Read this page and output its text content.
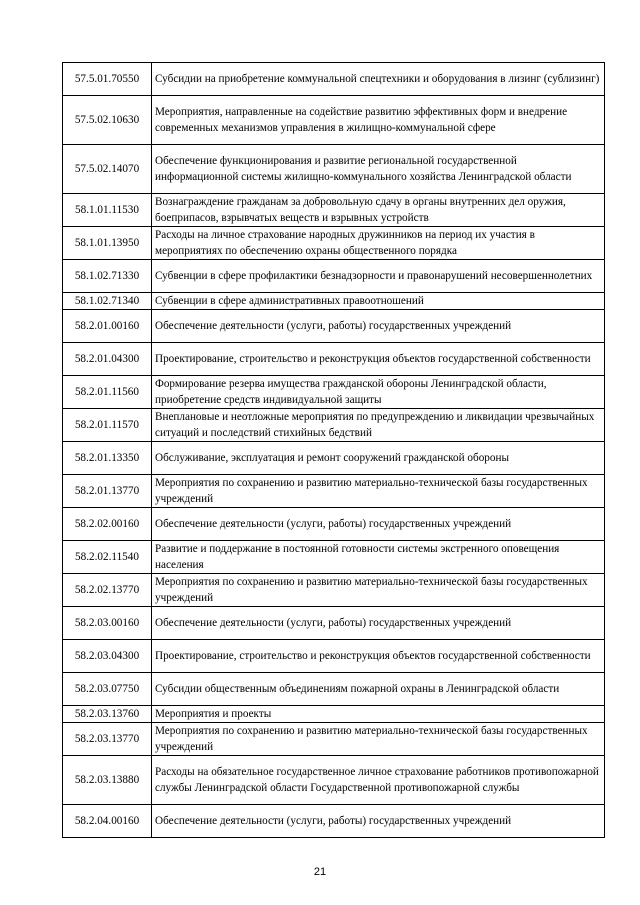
57.5.01.70550	Субсидии на приобретение коммунальной спецтехники и оборудования в лизинг (сублизинг)
57.5.02.10630	Мероприятия, направленные на содействие развитию эффективных форм и внедрение современных механизмов управления в жилищно-коммунальной сфере
57.5.02.14070	Обеспечение функционирования и развитие региональной государственной информационной системы жилищно-коммунального хозяйства Ленинградской области
58.1.01.11530	Вознаграждение гражданам за добровольную сдачу в органы внутренних дел оружия, боеприпасов, взрывчатых веществ и взрывных устройств
58.1.01.13950	Расходы на личное страхование народных дружинников на период их участия в мероприятиях по обеспечению охраны общественного порядка
58.1.02.71330	Субвенции в сфере профилактики безнадзорности и правонарушений несовершеннолетних
58.1.02.71340	Субвенции в сфере административных правоотношений
58.2.01.00160	Обеспечение деятельности (услуги, работы) государственных учреждений
58.2.01.04300	Проектирование, строительство и реконструкция объектов государственной собственности
58.2.01.11560	Формирование резерва имущества гражданской обороны Ленинградской области, приобретение средств индивидуальной защиты
58.2.01.11570	Внеплановые и неотложные мероприятия по предупреждению и ликвидации чрезвычайных ситуаций и последствий стихийных бедствий
58.2.01.13350	Обслуживание, эксплуатация и ремонт сооружений гражданской обороны
58.2.01.13770	Мероприятия по сохранению и развитию материально-технической базы государственных учреждений
58.2.02.00160	Обеспечение деятельности (услуги, работы) государственных учреждений
58.2.02.11540	Развитие и поддержание в постоянной готовности системы экстренного оповещения населения
58.2.02.13770	Мероприятия по сохранению и развитию материально-технической базы государственных учреждений
58.2.03.00160	Обеспечение деятельности (услуги, работы) государственных учреждений
58.2.03.04300	Проектирование, строительство и реконструкция объектов государственной собственности
58.2.03.07750	Субсидии общественным объединениям пожарной охраны в Ленинградской области
58.2.03.13760	Мероприятия и проекты
58.2.03.13770	Мероприятия по сохранению и развитию материально-технической базы государственных учреждений
58.2.03.13880	Расходы на обязательное государственное личное страхование работников противопожарной службы Ленинградской области Государственной противопожарной службы
58.2.04.00160	Обеспечение деятельности (услуги, работы) государственных учреждений
21
